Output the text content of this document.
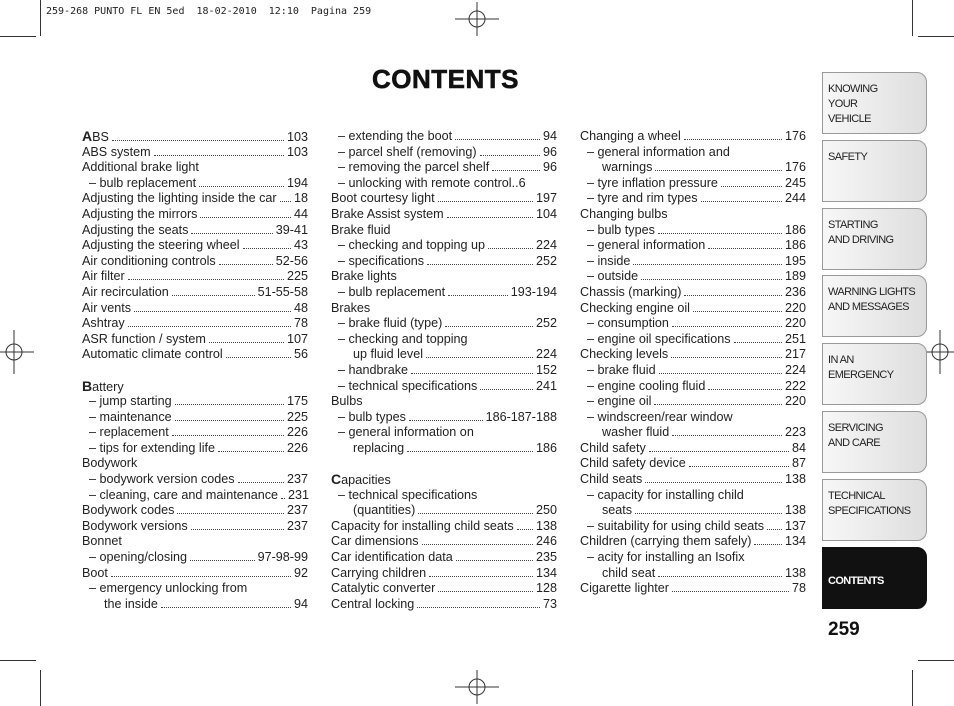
259-268 PUNTO FL EN 5ed  18-02-2010  12:10  Pagina 259
CONTENTS
ABS	103
ABS system	103
Additional brake light
– bulb replacement	194
Adjusting the lighting inside the car 18
Adjusting the mirrors	44
Adjusting the seats	39-41
Adjusting the steering wheel	43
Air conditioning controls	52-56
Air filter	225
Air recirculation	51-55-58
Air vents	48
Ashtray	78
ASR function / system	107
Automatic climate control	56
Battery
– jump starting	175
– maintenance	225
– replacement	226
– tips for extending life	226
Bodywork
– bodywork version codes	237
– cleaning, care and maintenance 231
Bodywork codes	237
Bodywork versions	237
Bonnet
– opening/closing	97-98-99
Boot	92
– emergency unlocking from
the inside	94
– extending the boot	94
– parcel shelf (removing)	96
– removing the parcel shelf	96
– unlocking with remote control..6
Boot courtesy light	197
Brake Assist system	104
Brake fluid
– checking and topping up	224
– specifications	252
Brake lights
– bulb replacement	193-194
Brakes
– brake fluid (type)	252
– checking and topping
up fluid level	224
– handbrake	152
– technical specifications	241
Bulbs
– bulb types	186-187-188
– general information on
replacing	186
Capacities
– technical specifications
(quantities)	250
Capacity for installing child seats 138
Car dimensions	246
Car identification data	235
Carrying children	134
Catalytic converter	128
Central locking	73
Changing a wheel	176
– general information and
warnings	176
– tyre inflation pressure	245
– tyre and rim types	244
Changing bulbs
– bulb types	186
– general information	186
– inside	195
– outside	189
Chassis (marking)	236
Checking engine oil	220
– consumption	220
– engine oil specifications	251
Checking levels	217
– brake fluid	224
– engine cooling fluid	222
– engine oil	220
– windscreen/rear window
washer fluid	223
Child safety	84
Child safety device	87
Child seats	138
– capacity for installing child
seats	138
– suitability for using child seats 137
Children (carrying them safely)	134
– acity for installing an Isofix
child seat	138
Cigarette lighter	78
KNOWING
YOUR
VEHICLE
SAFETY
STARTING
AND DRIVING
WARNING LIGHTS
AND MESSAGES
IN AN
EMERGENCY
SERVICING
AND CARE
TECHNICAL
SPECIFICATIONS
CONTENTS
259
